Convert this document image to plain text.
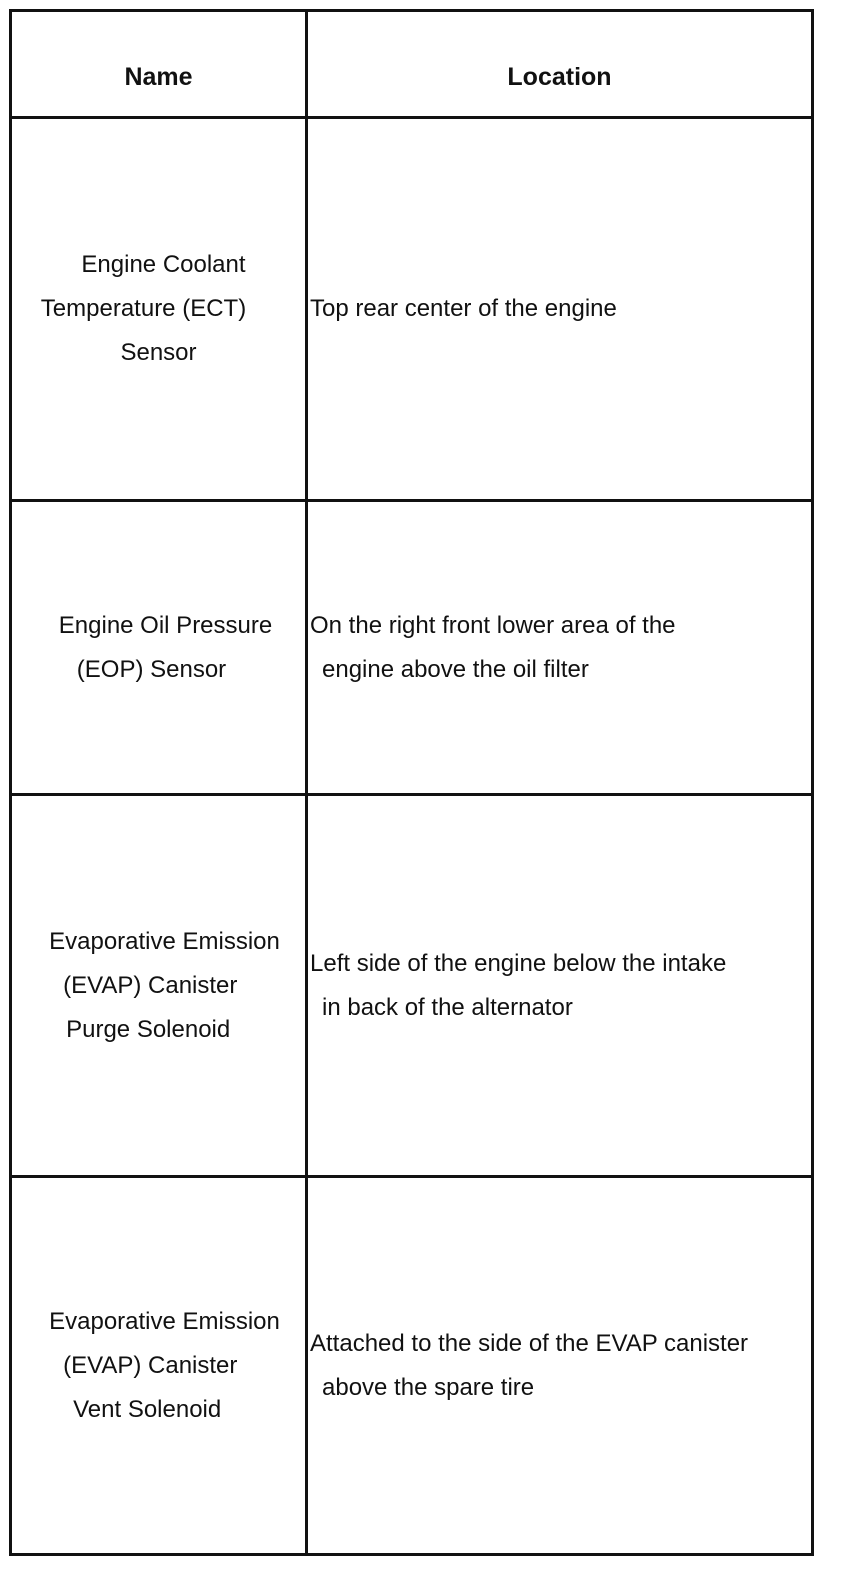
Name	Location
Engine Coolant
Temperature (ECT)
Sensor
Top rear center of the engine
Engine Oil Pressure
(EOP) Sensor
On the right front lower area of the
engine above the oil filter
Evaporative Emission
(EVAP) Canister
Purge Solenoid
Left side of the engine below the intake
in back of the alternator
Evaporative Emission
(EVAP) Canister
Vent Solenoid
Attached to the side of the EVAP canister
above the spare tire
